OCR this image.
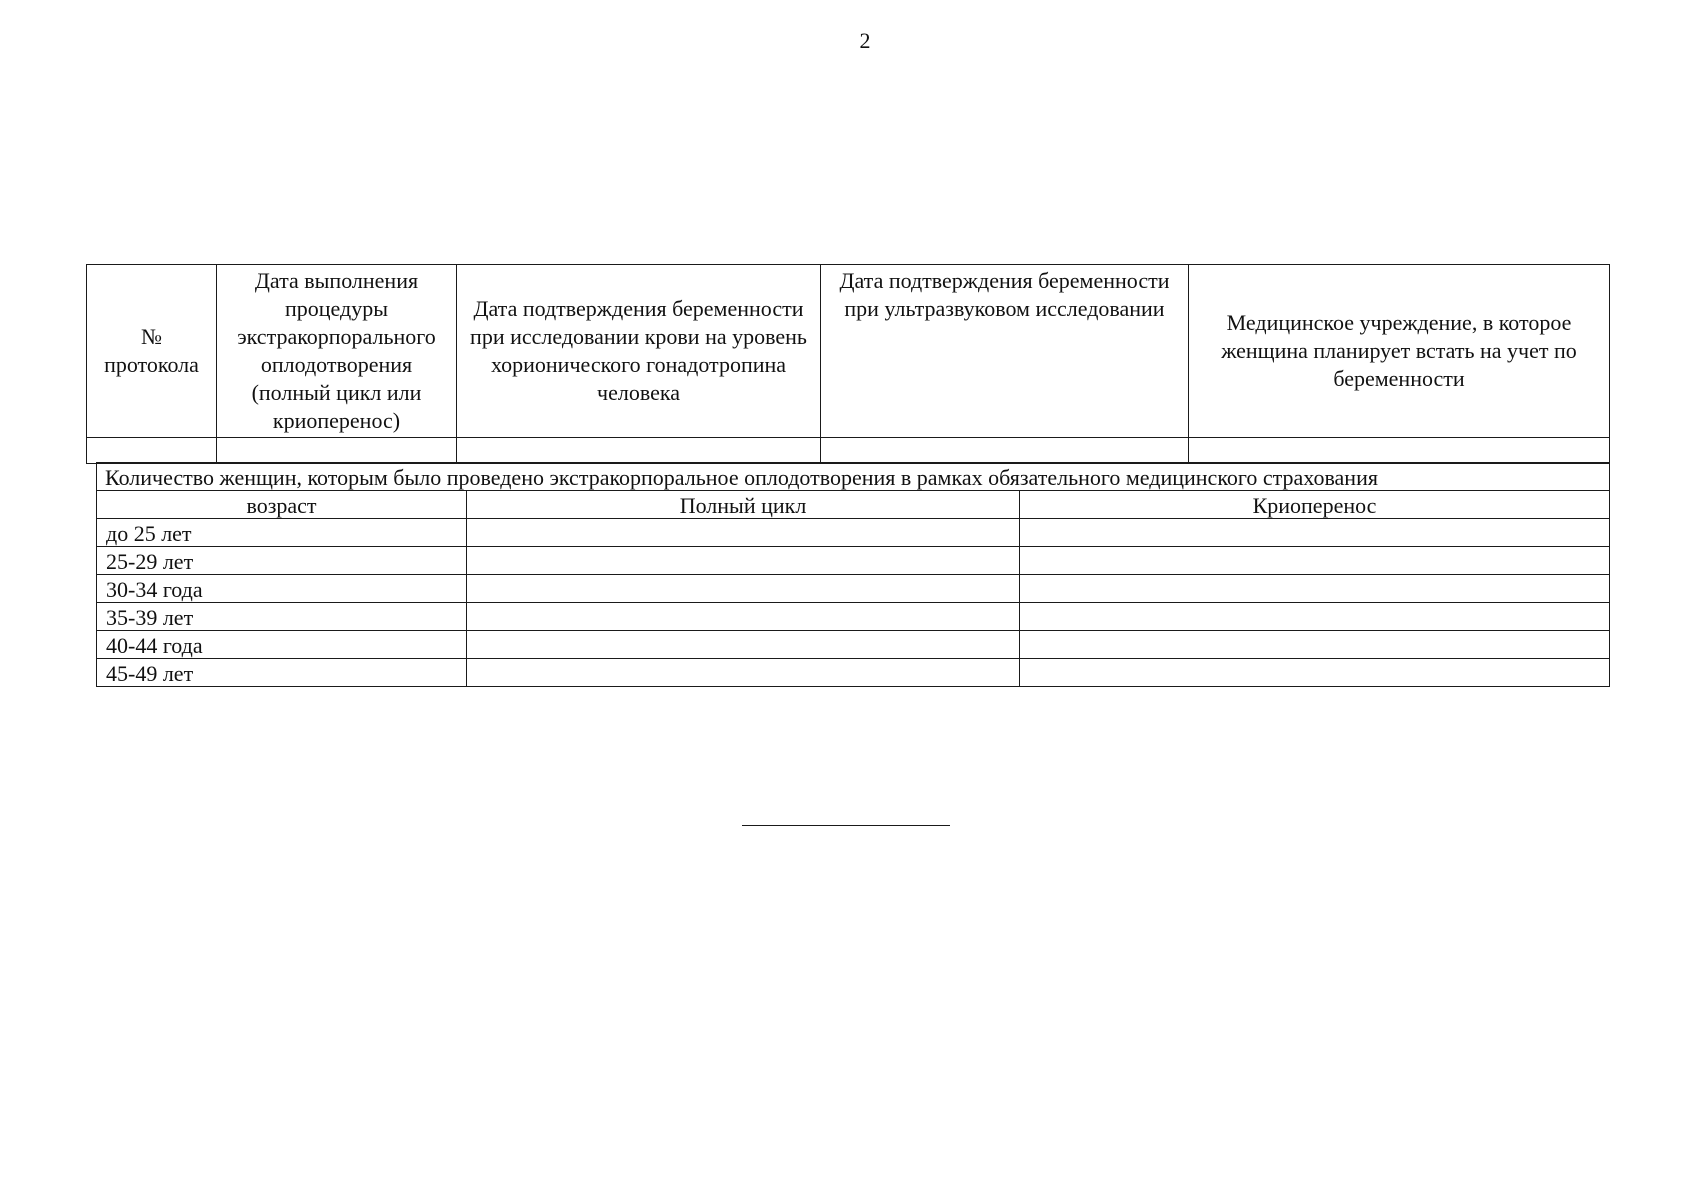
2
№ протокола	Дата выполнения процедуры экстракорпорального оплодотворения (полный цикл или криоперенос)	Дата подтверждения беременности при исследовании крови на уровень хорионического гонадотропина человека	Дата подтверждения беременности при ультразвуковом исследовании	Медицинское учреждение, в которое женщина планирует встать на учет по беременности

Количество женщин, которым было проведено экстракорпоральное оплодотворения в рамках обязательного медицинского страхования		
возраст	Полный цикл	Криоперенос
до 25 лет		
25-29 лет		
30-34 года		
35-39 лет		
40-44 года		
45-49 лет		
